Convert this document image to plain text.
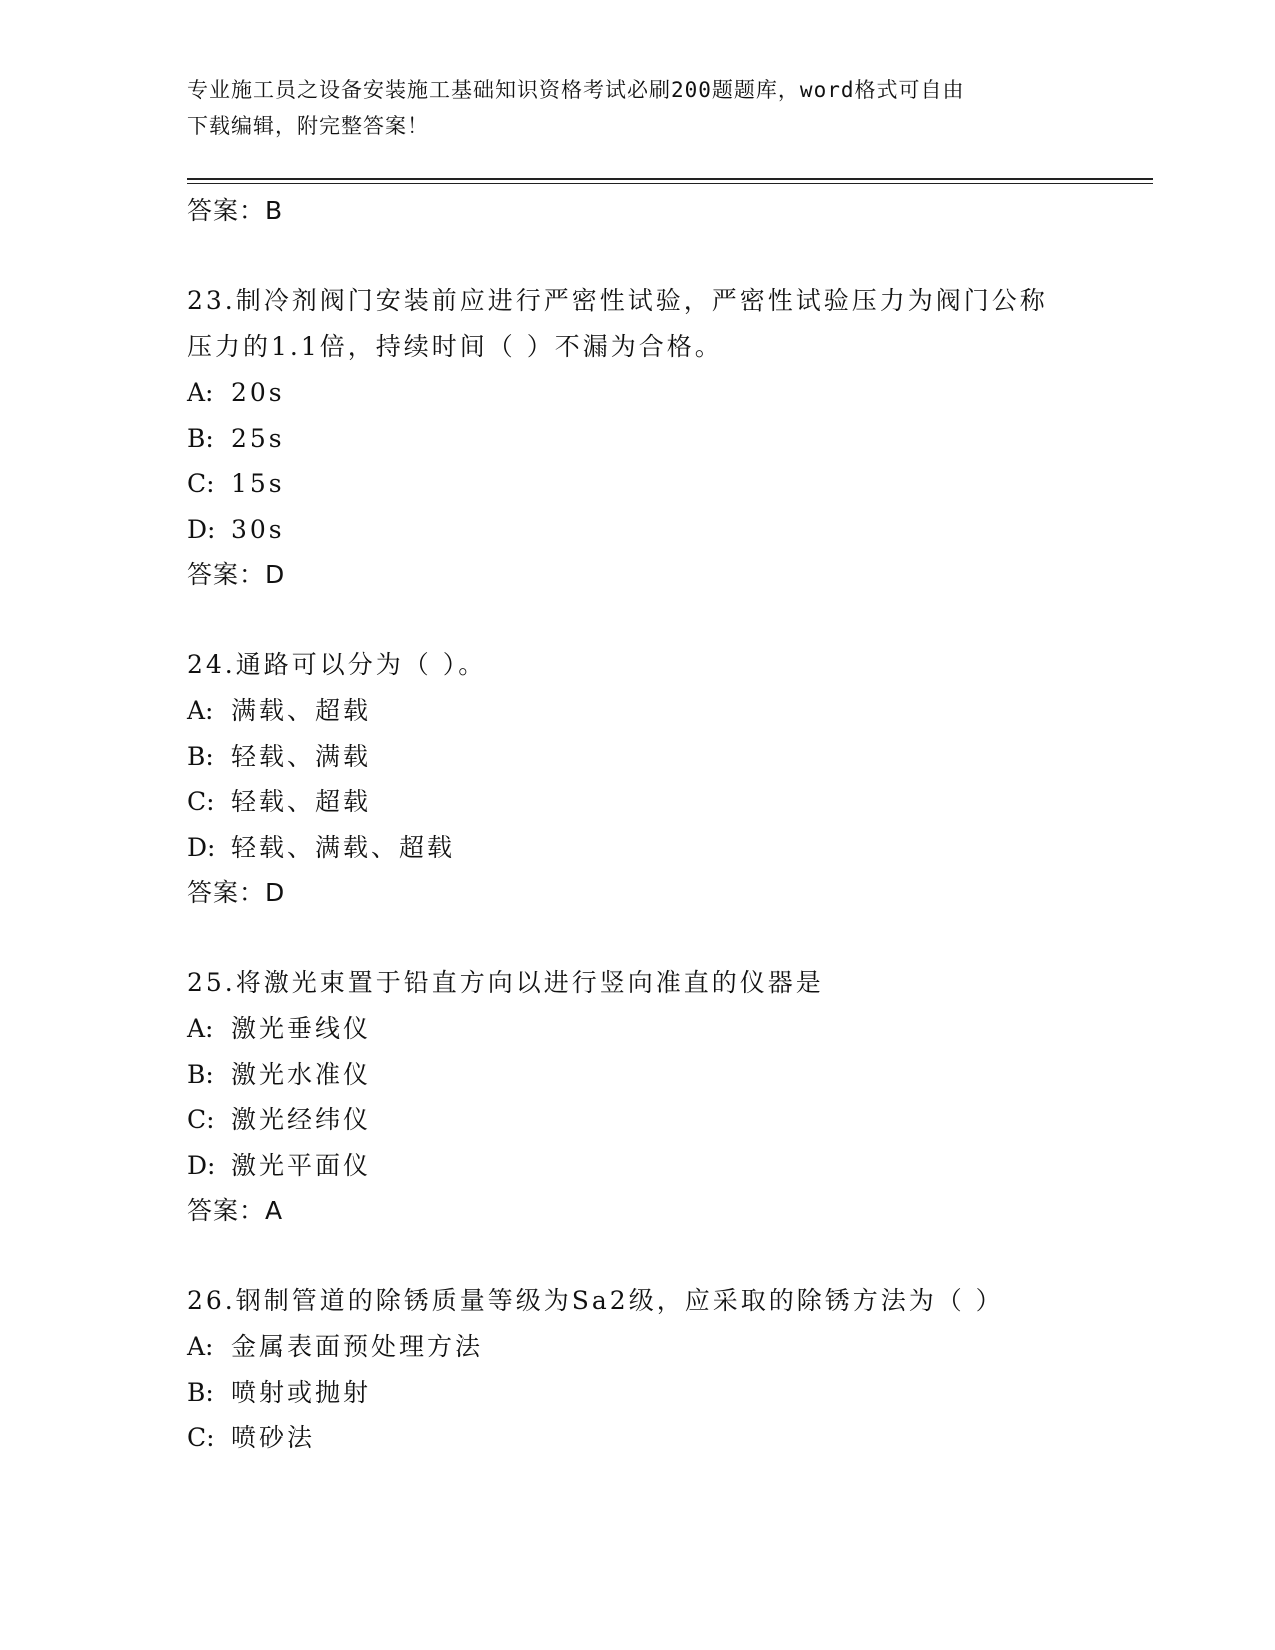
专业施工员之设备安装施工基础知识资格考试必刷200题题库，word格式可自由
下载编辑，附完整答案！
答案：B
23.制冷剂阀门安装前应进行严密性试验，严密性试验压力为阀门公称
压力的1.1倍，持续时间（ ）不漏为合格。
A: 20s
B: 25s
C: 15s
D: 30s
答案：D
24.通路可以分为（ ）。
A: 满载、超载
B: 轻载、满载
C: 轻载、超载
D: 轻载、满载、超载
答案：D
25.将激光束置于铅直方向以进行竖向准直的仪器是
A: 激光垂线仪
B: 激光水准仪
C: 激光经纬仪
D: 激光平面仪
答案：A
26.钢制管道的除锈质量等级为Sa2级，应采取的除锈方法为（ ）
A: 金属表面预处理方法
B: 喷射或抛射
C: 喷砂法
